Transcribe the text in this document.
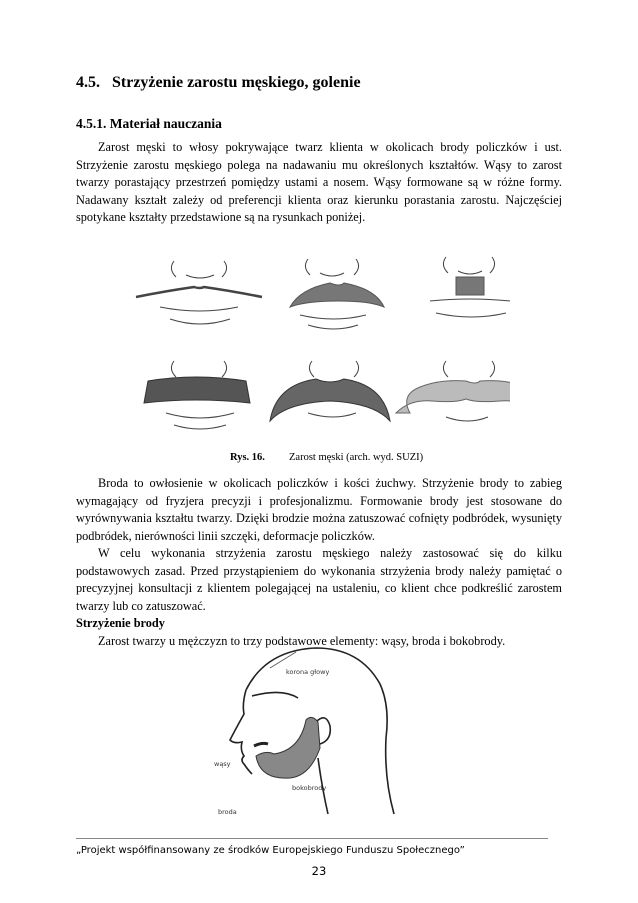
4.5. Strzyżenie zarostu męskiego, golenie
4.5.1. Materiał nauczania

Zarost męski to włosy pokrywające twarz klienta w okolicach brody policzków i ust. Strzyżenie zarostu męskiego polega na nadawaniu mu określonych kształtów. Wąsy to zarost twarzy porastający przestrzeń pomiędzy ustami a nosem. Wąsy formowane są w różne formy. Nadawany kształt zależy od preferencji klienta oraz kierunku porastania zarostu. Najczęściej spotykane kształty przedstawione są na rysunkach poniżej.

Rys. 16. Zarost męski (arch. wyd. SUZI)

Broda to owłosienie w okolicach policzków i kości żuchwy. Strzyżenie brody to zabieg wymagający od fryzjera precyzji i profesjonalizmu. Formowanie brody jest stosowane do wyrównywania kształtu twarzy. Dzięki brodzie można zatuszować cofnięty podbródek, wysunięty podbródek, nierówności linii szczęki, deformacje policzków.

W celu wykonania strzyżenia zarostu męskiego należy zastosować się do kilku podstawowych zasad. Przed przystąpieniem do wykonania strzyżenia brody należy pamiętać o precyzyjnej konsultacji z klientem polegającej na ustaleniu, co klient chce podkreślić zarostem twarzy lub co zatuszować.

Strzyżenie brody

Zarost twarzy u mężczyzn to trzy podstawowe elementy: wąsy, broda i bokobrody.

korona głowy
wąsy
bokobrody
broda
„Projekt współfinansowany ze środków Europejskiego Funduszu Społecznego”
23
